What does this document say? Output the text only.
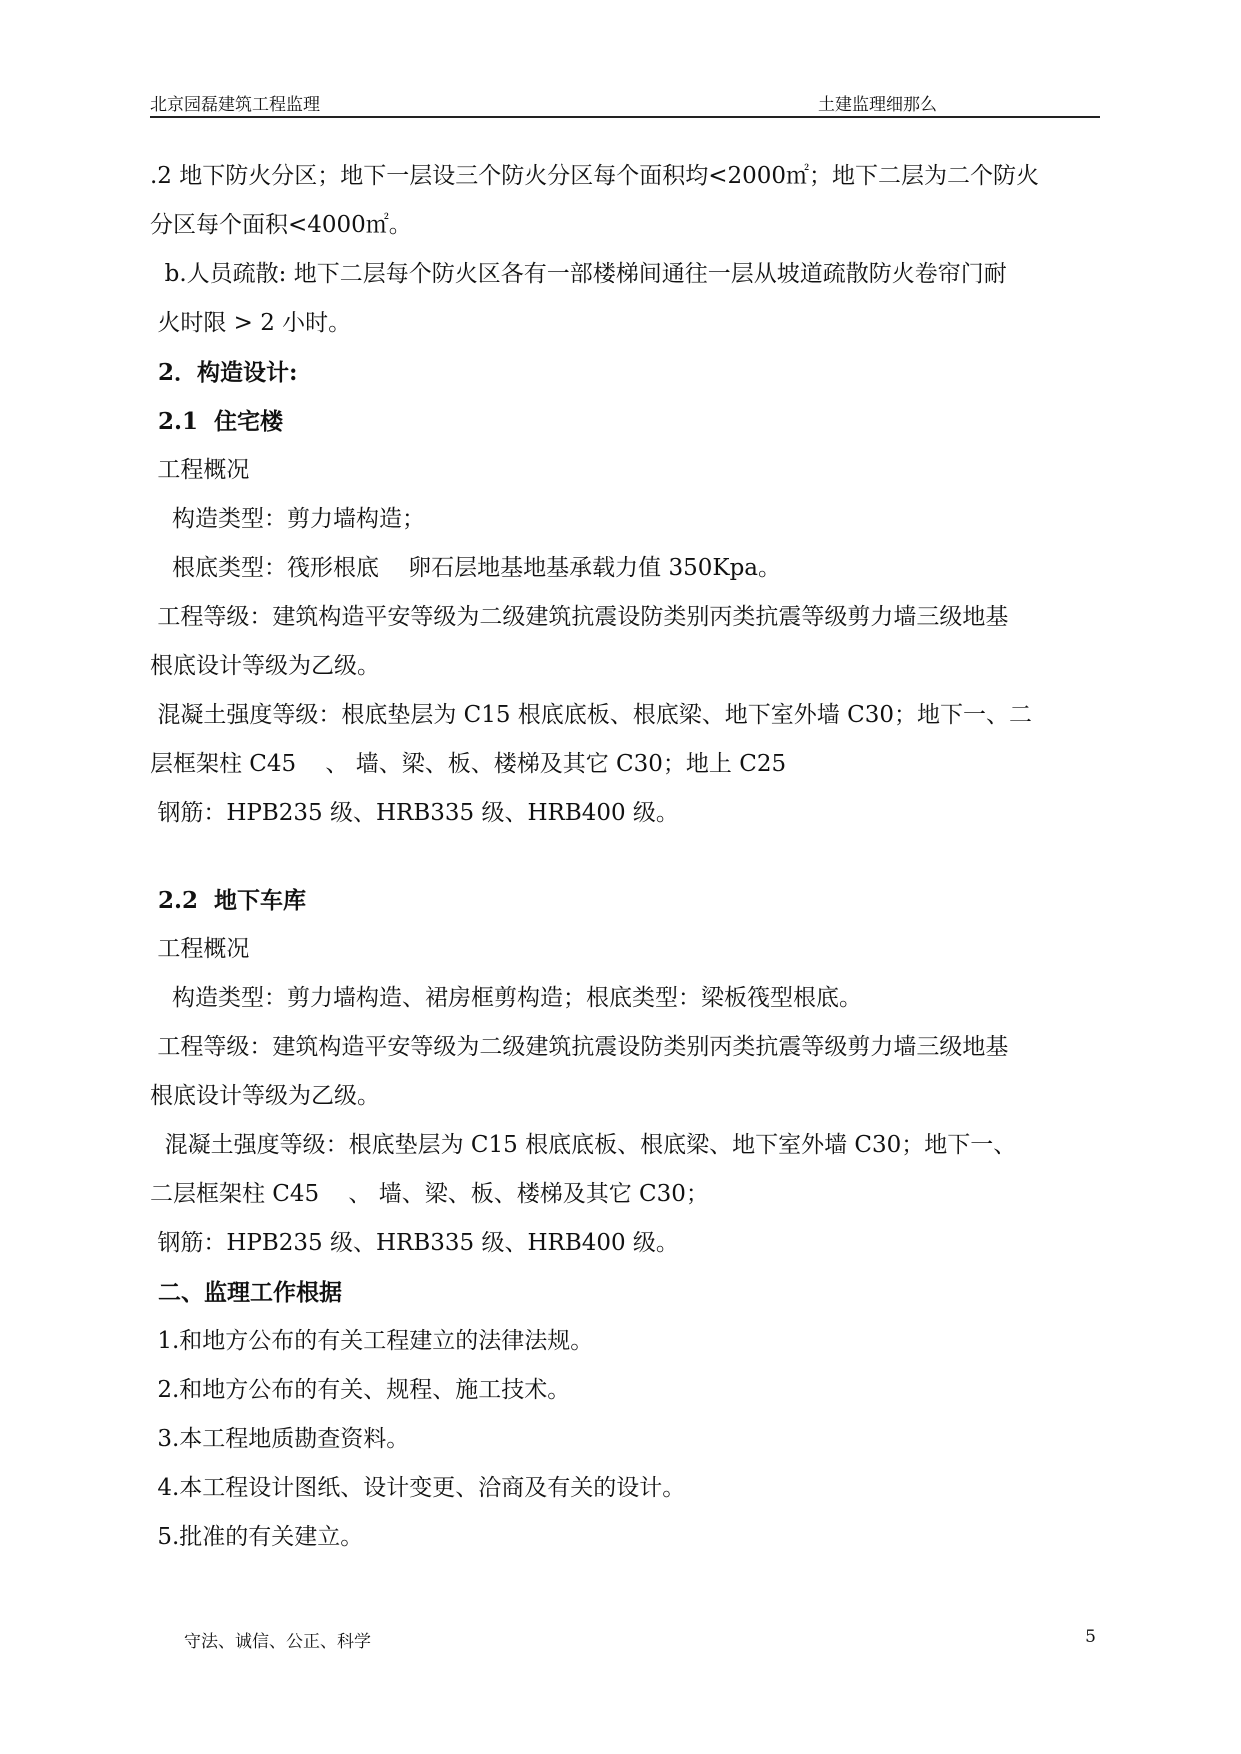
北京园磊建筑工程监理	土建监理细那么

.2 地下防火分区；地下一层设三个防火分区每个面积均<2000㎡；地下二层为二个防火

分区每个面积<4000㎡。

b.人员疏散: 地下二层每个防火区各有一部楼梯间通往一层从坡道疏散防火卷帘门耐

火时限 > 2 小时。

2．构造设计:

2.1  住宅楼

工程概况

构造类型：剪力墙构造；

根底类型：筏形根底    卵石层地基地基承载力值 350Kpa。

工程等级：建筑构造平安等级为二级建筑抗震设防类别丙类抗震等级剪力墙三级地基

根底设计等级为乙级。

混凝土强度等级：根底垫层为 C15 根底底板、根底梁、地下室外墙 C30；地下一、二

层框架柱 C45    、 墙、梁、板、楼梯及其它 C30；地上 C25

钢筋：HPB235 级、HRB335 级、HRB400 级。

2.2  地下车库

工程概况

构造类型：剪力墙构造、裙房框剪构造；根底类型：梁板筏型根底。

工程等级：建筑构造平安等级为二级建筑抗震设防类别丙类抗震等级剪力墙三级地基

根底设计等级为乙级。

混凝土强度等级：根底垫层为 C15 根底底板、根底梁、地下室外墙 C30；地下一、

二层框架柱 C45    、 墙、梁、板、楼梯及其它 C30；

钢筋：HPB235 级、HRB335 级、HRB400 级。

二、监理工作根据

1.和地方公布的有关工程建立的法律法规。

2.和地方公布的有关、规程、施工技术。

3.本工程地质勘查资料。

4.本工程设计图纸、设计变更、洽商及有关的设计。

5.批准的有关建立。

守法、诚信、公正、科学	5
